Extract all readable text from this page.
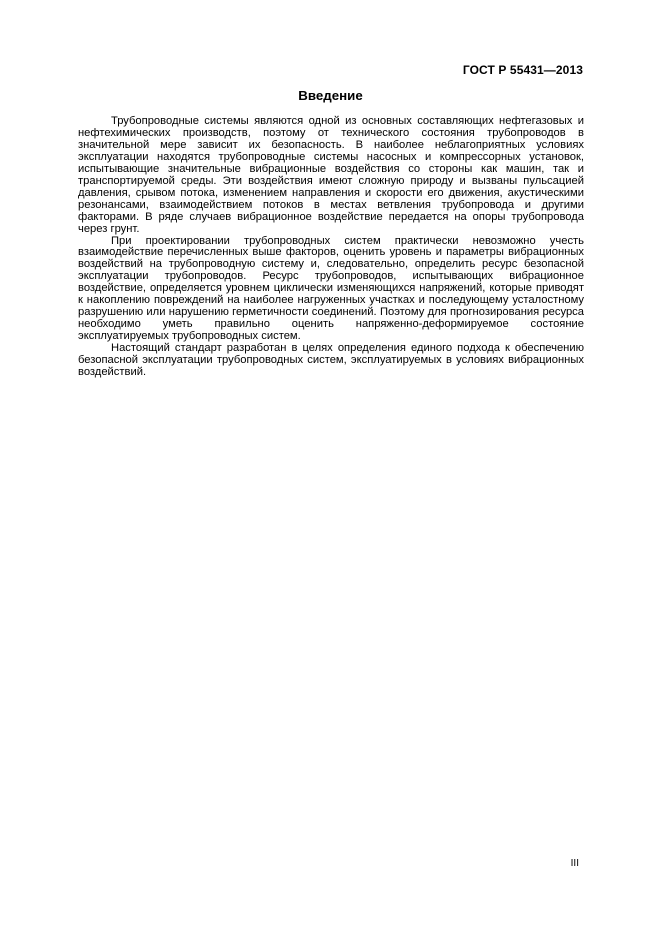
ГОСТ Р 55431—2013
Введение

Трубопроводные системы являются одной из основных составляющих нефтегазовых и нефтехимических производств, поэтому от технического состояния трубопроводов в значительной мере зависит их безопасность. В наиболее неблагоприятных условиях эксплуатации находятся трубопроводные системы насосных и компрессорных установок, испытывающие значительные вибрационные воздействия со стороны как машин, так и транспортируемой среды. Эти воздействия имеют сложную природу и вызваны пульсацией давления, срывом потока, изменением направления и скорости его движения, акустическими резонансами, взаимодействием потоков в местах ветвления трубопровода и другими факторами. В ряде случаев вибрационное воздействие передается на опоры трубопровода через грунт.

При проектировании трубопроводных систем практически невозможно учесть взаимодействие перечисленных выше факторов, оценить уровень и параметры вибрационных воздействий на трубопроводную систему и, следовательно, определить ресурс безопасной эксплуатации трубопроводов. Ресурс трубопроводов, испытывающих вибрационное воздействие, определяется уровнем циклически изменяющихся напряжений, которые приводят к накоплению повреждений на наиболее нагруженных участках и последующему усталостному разрушению или нарушению герметичности соединений. Поэтому для прогнозирования ресурса необходимо уметь правильно оценить напряженно-деформируемое состояние эксплуатируемых трубопроводных систем.

Настоящий стандарт разработан в целях определения единого подхода к обеспечению безопасной эксплуатации трубопроводных систем, эксплуатируемых в условиях вибрационных воздействий.

III
